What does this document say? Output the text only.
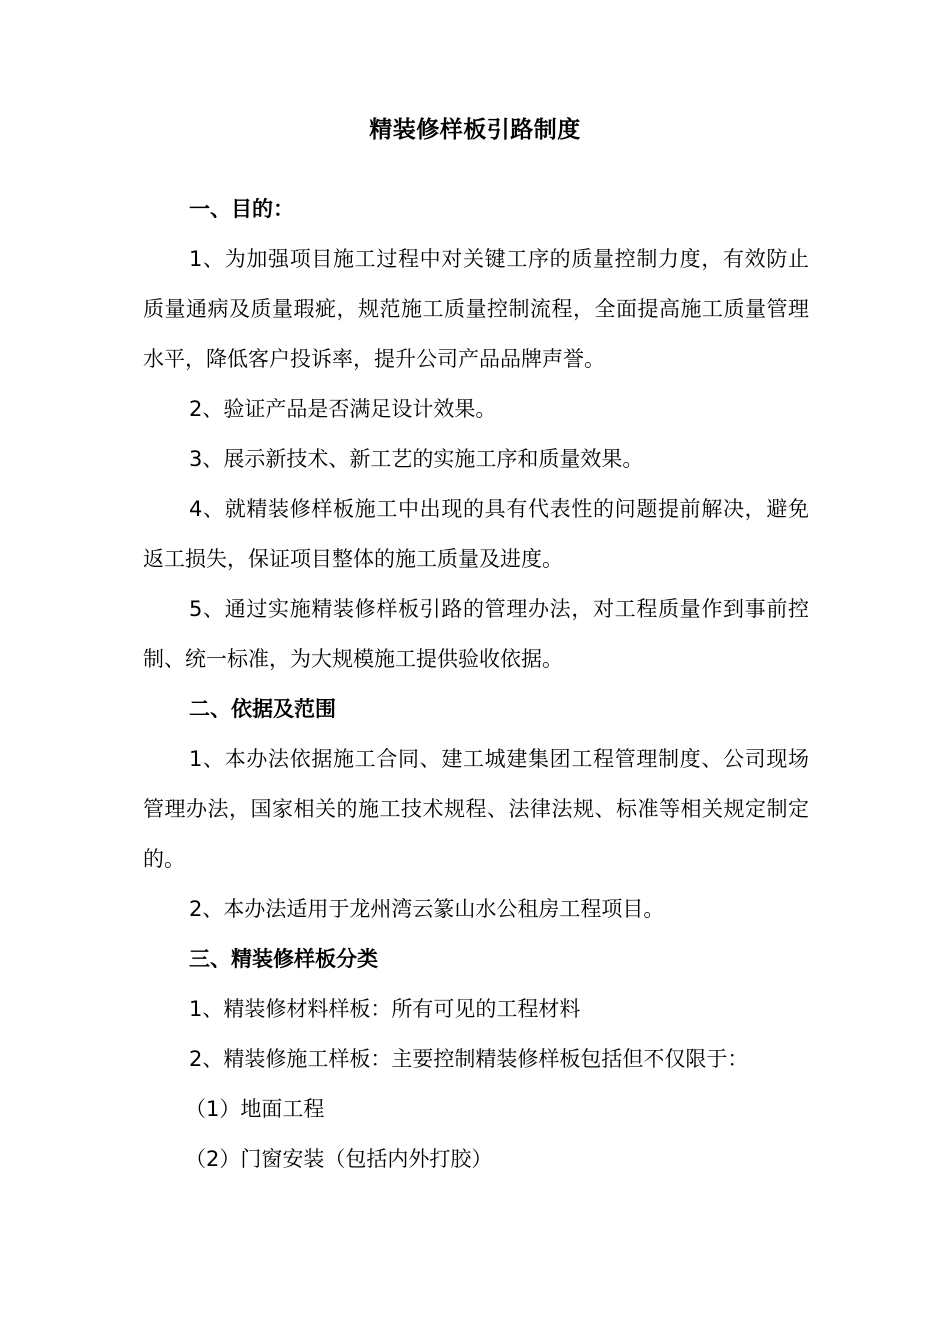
精装修样板引路制度

一、目的：

1、为加强项目施工过程中对关键工序的质量控制力度，有效防止质量通病及质量瑕疵，规范施工质量控制流程，全面提高施工质量管理水平，降低客户投诉率，提升公司产品品牌声誉。

2、验证产品是否满足设计效果。

3、展示新技术、新工艺的实施工序和质量效果。

4、就精装修样板施工中出现的具有代表性的问题提前解决，避免返工损失，保证项目整体的施工质量及进度。

5、通过实施精装修样板引路的管理办法，对工程质量作到事前控制、统一标准，为大规模施工提供验收依据。

二、依据及范围

1、本办法依据施工合同、建工城建集团工程管理制度、公司现场管理办法，国家相关的施工技术规程、法律法规、标准等相关规定制定的。

2、本办法适用于龙州湾云篆山水公租房工程项目。

三、精装修样板分类

1、精装修材料样板：所有可见的工程材料

2、精装修施工样板：主要控制精装修样板包括但不仅限于：

（1）地面工程

（2）门窗安装（包括内外打胶）
